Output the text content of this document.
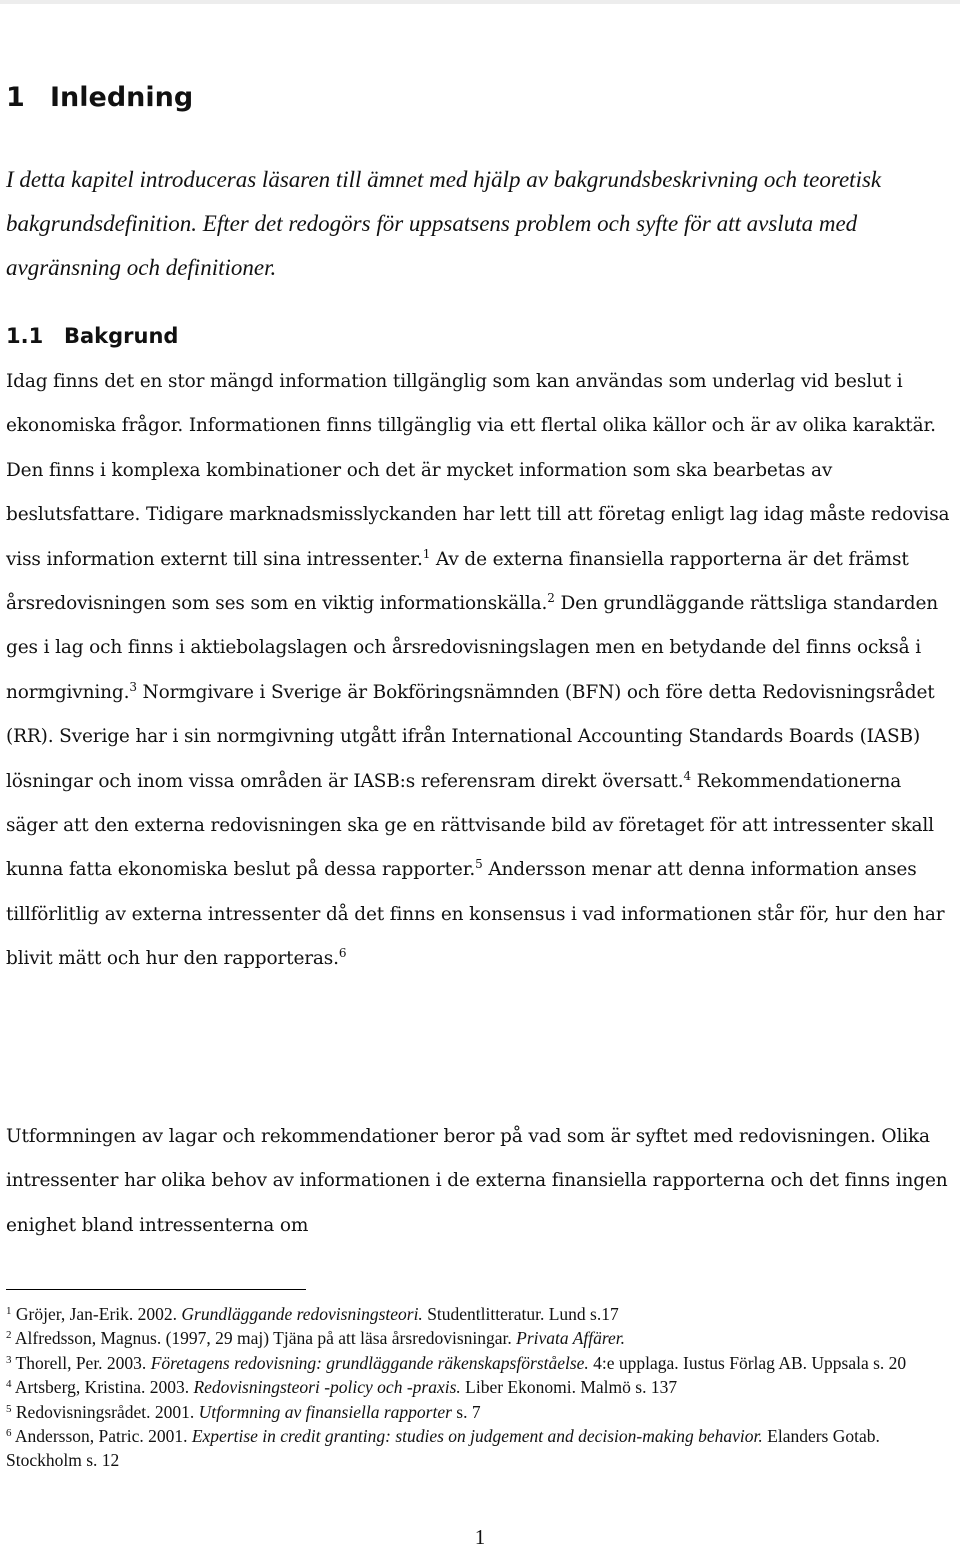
1 Inledning

I detta kapitel introduceras läsaren till ämnet med hjälp av bakgrundsbeskrivning och teoretisk bakgrundsdefinition. Efter det redogörs för uppsatsens problem och syfte för att avsluta med avgränsning och definitioner.

1.1 Bakgrund

Idag finns det en stor mängd information tillgänglig som kan användas som underlag vid beslut i ekonomiska frågor. Informationen finns tillgänglig via ett flertal olika källor och är av olika karaktär. Den finns i komplexa kombinationer och det är mycket information som ska bearbetas av beslutsfattare. Tidigare marknadsmisslyckanden har lett till att företag enligt lag idag måste redovisa viss information externt till sina intressenter.$^1$ Av de externa finansiella rapporterna är det främst årsredovisningen som ses som en viktig informationskälla.$^2$ Den grundläggande rättsliga standarden ges i lag och finns i aktiebolagslagen och årsredovisningslagen men en betydande del finns också i normgivning.$^3$ Normgivare i Sverige är Bokföringsnämnden (BFN) och före detta Redovisningsrådet (RR). Sverige har i sin normgivning utgått ifrån International Accounting Standards Boards (IASB) lösningar och inom vissa områden är IASB:s referensram direkt översatt.$^4$ Rekommendationerna säger att den externa redovisningen ska ge en rättvisande bild av företaget för att intressenter skall kunna fatta ekonomiska beslut på dessa rapporter.$^5$ Andersson menar att denna information anses tillförlitlig av externa intressenter då det finns en konsensus i vad informationen står för, hur den har blivit mätt och hur den rapporteras.$^6$

Utformningen av lagar och rekommendationer beror på vad som är syftet med redovisningen. Olika intressenter har olika behov av informationen i de externa finansiella rapporterna och det finns ingen enighet bland intressenterna om

$^1$ Gröjer, Jan-Erik. 2002. Grundläggande redovisningsteori. Studentlitteratur. Lund s.17

$^2$ Alfredsson, Magnus. (1997, 29 maj) Tjäna på att läsa årsredovisningar. Privata Affärer.

$^3$ Thorell, Per. 2003. Företagens redovisning: grundläggande räkenskapsförståelse. 4:e upplaga. Iustus Förlag AB. Uppsala s. 20

$^4$ Artsberg, Kristina. 2003. Redovisningsteori -policy och -praxis. Liber Ekonomi. Malmö s. 137

$^5$ Redovisningsrådet. 2001. Utformning av finansiella rapporter s. 7

$^6$ Andersson, Patric. 2001. Expertise in credit granting: studies on judgement and decision-making behavior. Elanders Gotab. Stockholm s. 12

1
